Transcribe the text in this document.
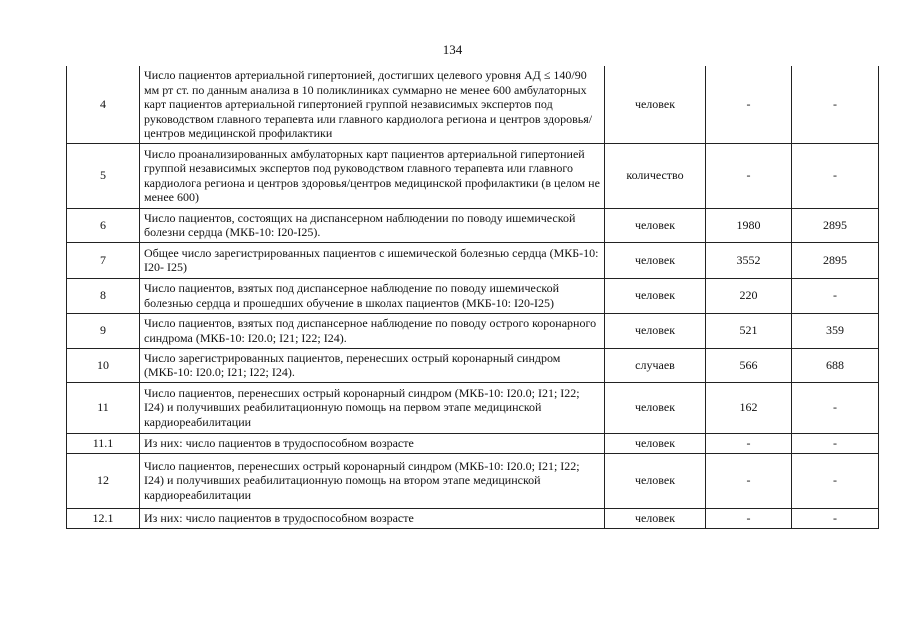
134
4	Число пациентов артериальной гипертонией, достигших целевого уровня АД ≤ 140/90 мм рт ст. по данным анализа в 10 поликлиниках суммарно не менее 600 амбулаторных карт пациентов артериальной гипертонией группой независимых экспертов под руководством главного терапевта или главного кардиолога региона и центров здоровья/центров медицинской профилактики	человек	-	-
5	Число проанализированных амбулаторных карт пациентов артериальной гипертонией группой независимых экспертов под руководством главного терапевта или главного кардиолога региона и центров здоровья/центров медицинской профилактики (в целом не менее 600)	количество	-	-
6	Число пациентов, состоящих на диспансерном наблюдении по поводу ишемической болезни сердца (МКБ-10: I20-I25).	человек	1980	2895
7	Общее число зарегистрированных пациентов с ишемической болезнью сердца (МКБ-10: I20- I25)	человек	3552	2895
8	Число пациентов, взятых под диспансерное наблюдение по поводу ишемической болезнью сердца и прошедших обучение в школах пациентов (МКБ-10: I20-I25)	человек	220	-
9	Число пациентов, взятых под диспансерное наблюдение по поводу острого коронарного синдрома (МКБ-10: I20.0; I21; I22; I24).	человек	521	359
10	Число зарегистрированных пациентов, перенесших острый коронарный синдром (МКБ-10: I20.0; I21; I22; I24).	случаев	566	688
11	Число пациентов, перенесших острый коронарный синдром (МКБ-10: I20.0; I21; I22; I24) и получивших реабилитационную помощь на первом этапе медицинской кардиореабилитации	человек	162	-
11.1	Из них: число пациентов в трудоспособном возрасте	человек	-	-
12	Число пациентов, перенесших острый коронарный синдром (МКБ-10: I20.0; I21; I22; I24) и получивших реабилитационную помощь на втором этапе медицинской кардиореабилитации	человек	-	-
12.1	Из них: число пациентов в трудоспособном возрасте	человек	-	-
